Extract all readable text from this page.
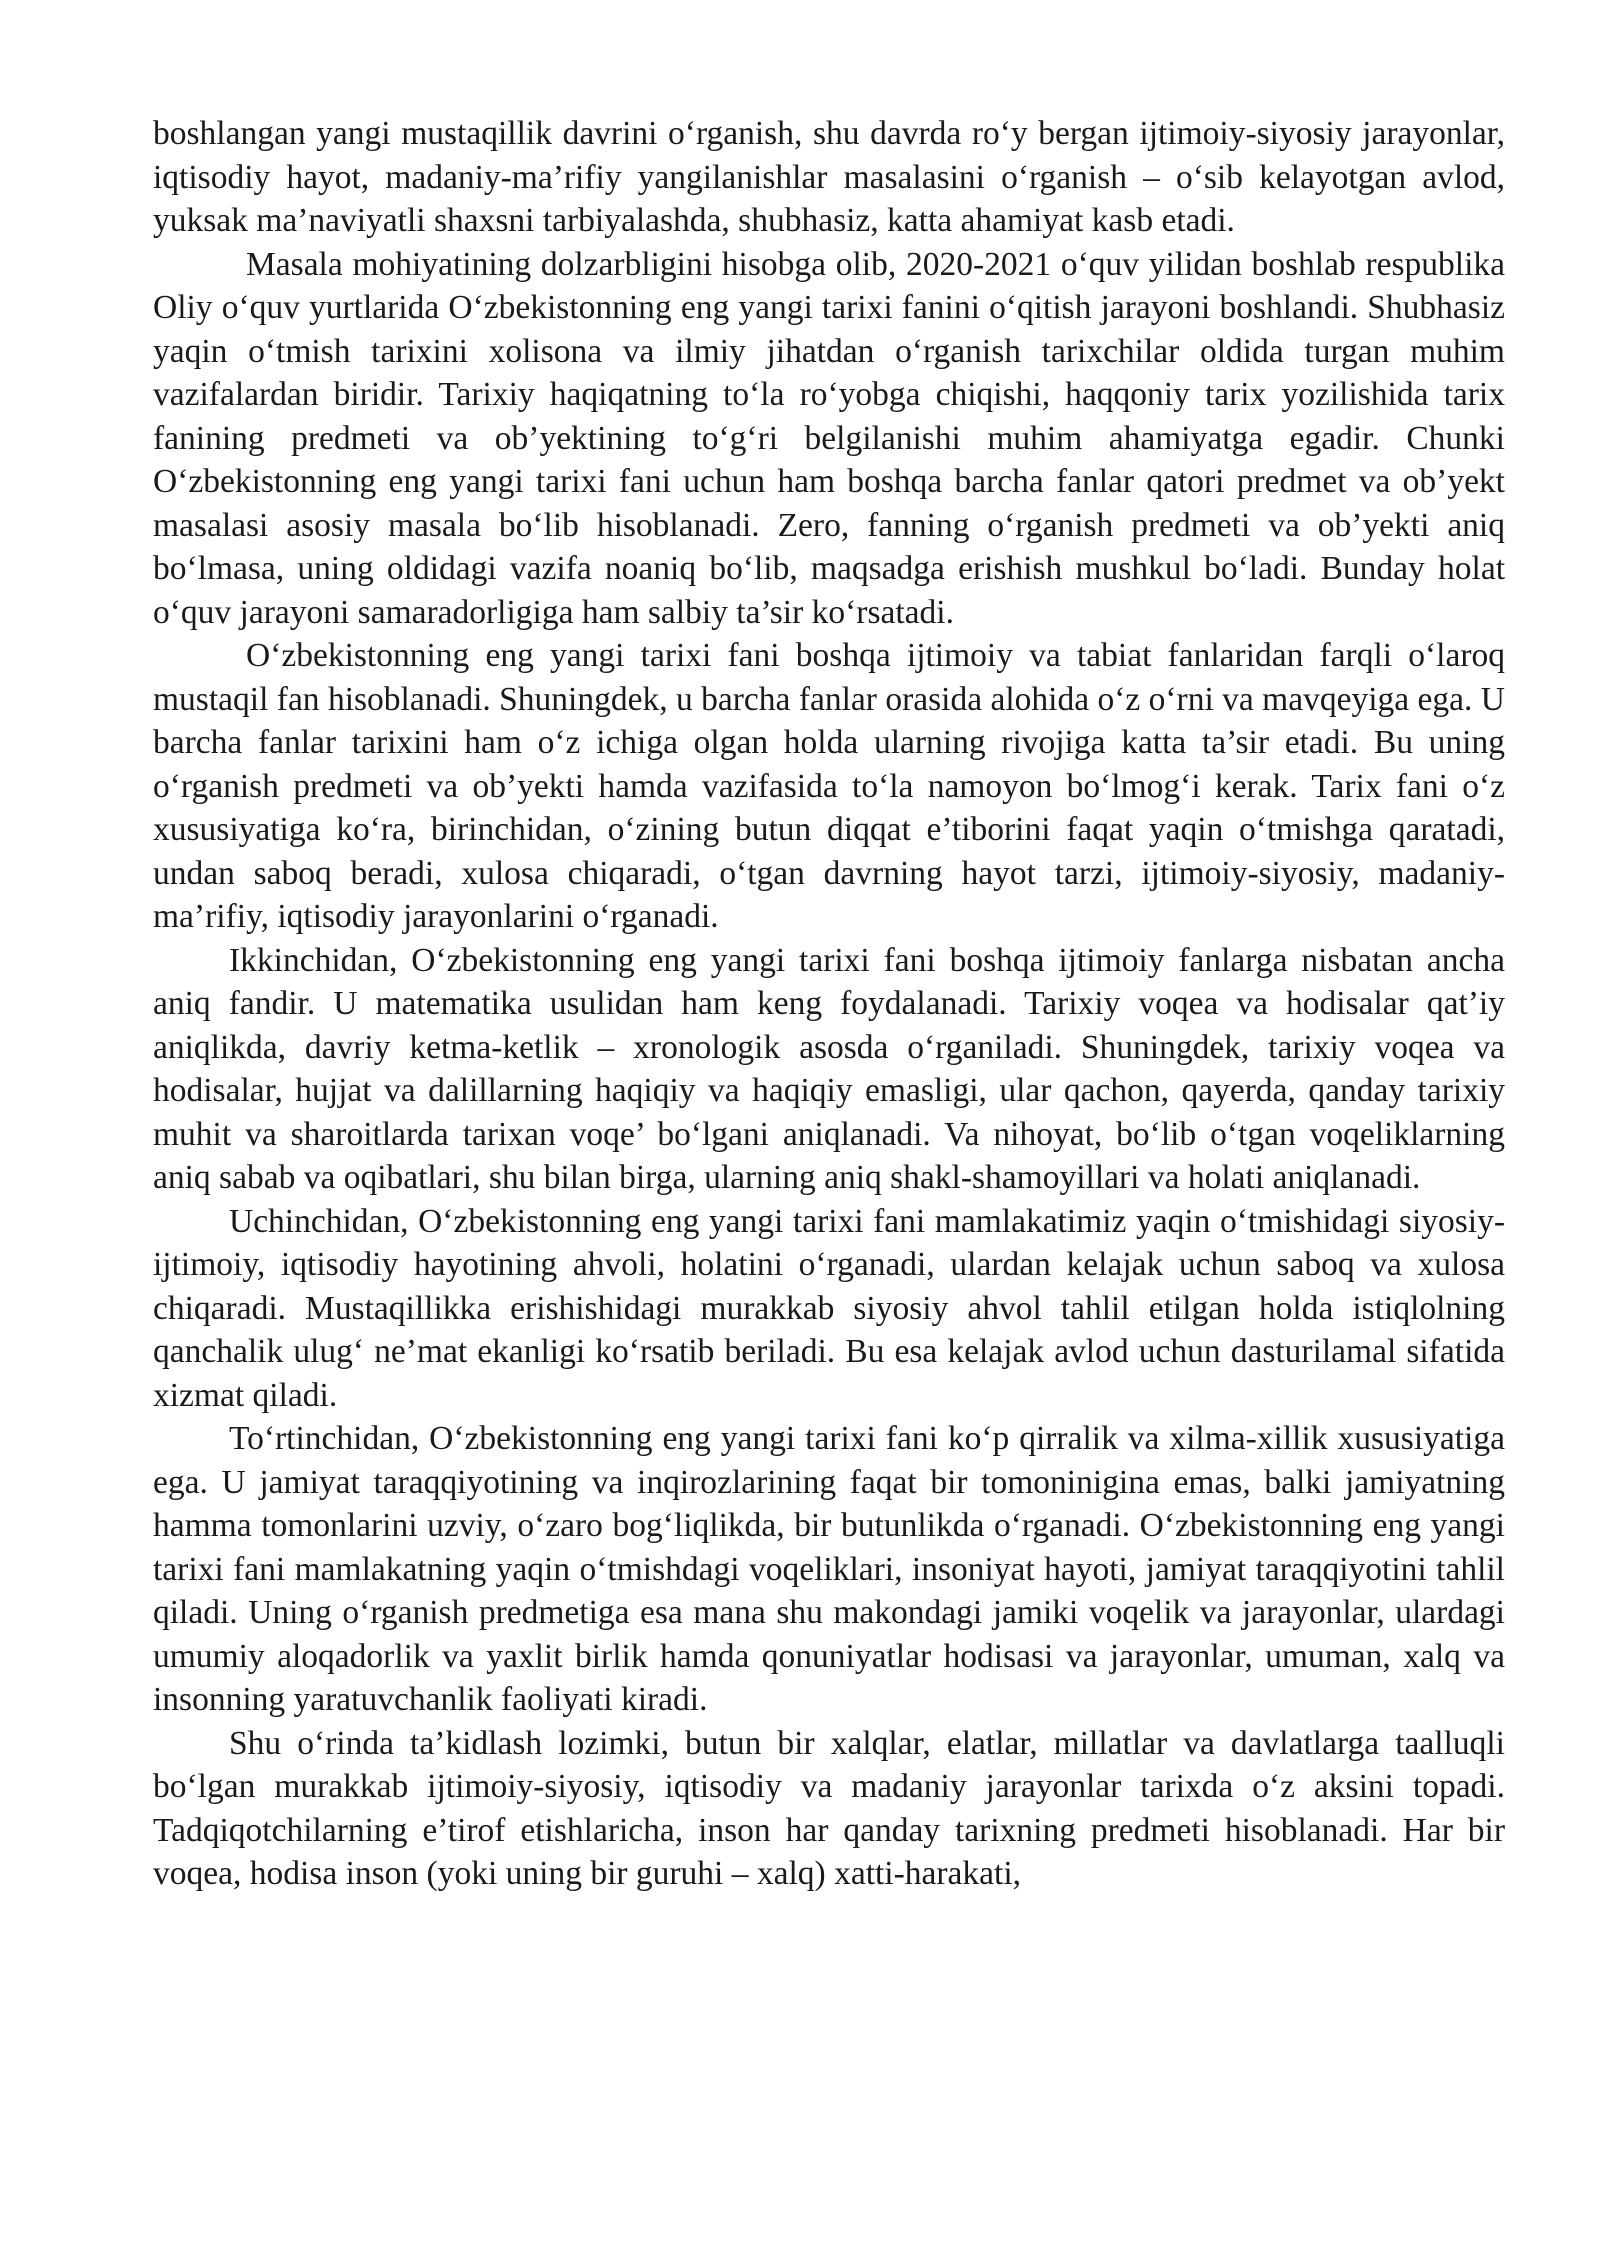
boshlangan yangi mustaqillik davrini o‘rganish, shu davrda ro‘y bergan ijtimoiy-siyosiy jarayonlar, iqtisodiy hayot, madaniy-ma’rifiy yangilanishlar masalasini o‘rganish – o‘sib kelayotgan avlod, yuksak ma’naviyatli shaxsni tarbiyalashda, shubhasiz, katta ahamiyat kasb etadi.

Masala mohiyatining dolzarbligini hisobga olib, 2020-2021 o‘quv yilidan boshlab respublika Oliy o‘quv yurtlarida O‘zbekistonning eng yangi tarixi fanini o‘qitish jarayoni boshlandi. Shubhasiz yaqin o‘tmish tarixini xolisona va ilmiy jihatdan o‘rganish tarixchilar oldida turgan muhim vazifalardan biridir. Tarixiy haqiqatning to‘la ro‘yobga chiqishi, haqqoniy tarix yozilishida tarix fanining predmeti va ob’yektining to‘g‘ri belgilanishi muhim ahamiyatga egadir. Chunki O‘zbekistonning eng yangi tarixi fani uchun ham boshqa barcha fanlar qatori predmet va ob’yekt masalasi asosiy masala bo‘lib hisoblanadi. Zero, fanning o‘rganish predmeti va ob’yekti aniq bo‘lmasa, uning oldidagi vazifa noaniq bo‘lib, maqsadga erishish mushkul bo‘ladi. Bunday holat o‘quv jarayoni samaradorligiga ham salbiy ta’sir ko‘rsatadi.

O‘zbekistonning eng yangi tarixi fani boshqa ijtimoiy va tabiat fanlaridan farqli o‘laroq mustaqil fan hisoblanadi. Shuningdek, u barcha fanlar orasida alohida o‘z o‘rni va mavqeyiga ega. U barcha fanlar tarixini ham o‘z ichiga olgan holda ularning rivojiga katta ta’sir etadi. Bu uning o‘rganish predmeti va ob’yekti hamda vazifasida to‘la namoyon bo‘lmog‘i kerak. Tarix fani o‘z xususiyatiga ko‘ra, birinchidan, o‘zining butun diqqat e’tiborini faqat yaqin o‘tmishga qaratadi, undan saboq beradi, xulosa chiqaradi, o‘tgan davrning hayot tarzi, ijtimoiy-siyosiy, madaniy-ma’rifiy, iqtisodiy jarayonlarini o‘rganadi.

Ikkinchidan, O‘zbekistonning eng yangi tarixi fani boshqa ijtimoiy fanlarga nisbatan ancha aniq fandir. U matematika usulidan ham keng foydalanadi. Tarixiy voqea va hodisalar qat’iy aniqlikda, davriy ketma-ketlik – xronologik asosda o‘rganiladi. Shuningdek, tarixiy voqea va hodisalar, hujjat va dalillarning haqiqiy va haqiqiy emasligi, ular qachon, qayerda, qanday tarixiy muhit va sharoitlarda tarixan voqe’ bo‘lgani aniqlanadi. Va nihoyat, bo‘lib o‘tgan voqeliklarning aniq sabab va oqibatlari, shu bilan birga, ularning aniq shakl-shamoyillari va holati aniqlanadi.

Uchinchidan, O‘zbekistonning eng yangi tarixi fani mamlakatimiz yaqin o‘tmishidagi siyosiy-ijtimoiy, iqtisodiy hayotining ahvoli, holatini o‘rganadi, ulardan kelajak uchun saboq va xulosa chiqaradi. Mustaqillikka erishishidagi murakkab siyosiy ahvol tahlil etilgan holda istiqlolning qanchalik ulug‘ ne’mat ekanligi ko‘rsatib beriladi. Bu esa kelajak avlod uchun dasturilamal sifatida xizmat qiladi.

To‘rtinchidan, O‘zbekistonning eng yangi tarixi fani ko‘p qirralik va xilma-xillik xususiyatiga ega. U jamiyat taraqqiyotining va inqirozlarining faqat bir tomoninigina emas, balki jamiyatning hamma tomonlarini uzviy, o‘zaro bog‘liqlikda, bir butunlikda o‘rganadi. O‘zbekistonning eng yangi tarixi fani mamlakatning yaqin o‘tmishdagi voqeliklari, insoniyat hayoti, jamiyat taraqqiyotini tahlil qiladi. Uning o‘rganish predmetiga esa mana shu makondagi jamiki voqelik va jarayonlar, ulardagi umumiy aloqadorlik va yaxlit birlik hamda qonuniyatlar hodisasi va jarayonlar, umuman, xalq va insonning yaratuvchanlik faoliyati kiradi.

Shu o‘rinda ta’kidlash lozimki, butun bir xalqlar, elatlar, millatlar va davlatlarga taalluqli bo‘lgan murakkab ijtimoiy-siyosiy, iqtisodiy va madaniy jarayonlar tarixda o‘z aksini topadi. Tadqiqotchilarning e’tirof etishlaricha, inson har qanday tarixning predmeti hisoblanadi. Har bir voqea, hodisa inson (yoki uning bir guruhi – xalq) xatti-harakati,
